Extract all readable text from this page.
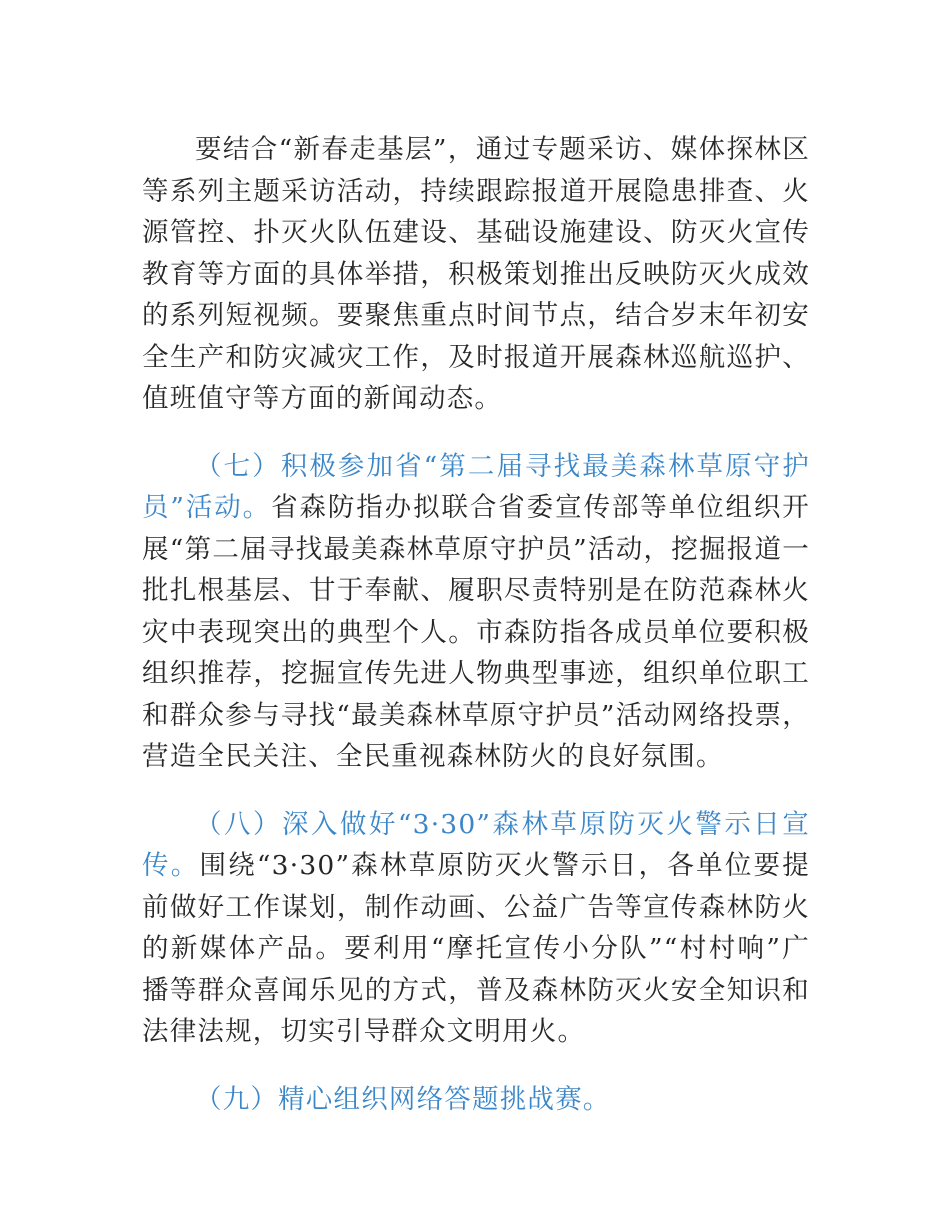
要结合“新春走基层”，通过专题采访、媒体探林区等系列主题采访活动，持续跟踪报道开展隐患排查、火源管控、扑灭火队伍建设、基础设施建设、防灭火宣传教育等方面的具体举措，积极策划推出反映防灭火成效的系列短视频。要聚焦重点时间节点，结合岁末年初安全生产和防灾减灾工作，及时报道开展森林巡航巡护、值班值守等方面的新闻动态。

（七）积极参加省“第二届寻找最美森林草原守护员”活动。省森防指办拟联合省委宣传部等单位组织开展“第二届寻找最美森林草原守护员”活动，挖掘报道一批扎根基层、甘于奉献、履职尽责特别是在防范森林火灾中表现突出的典型个人。市森防指各成员单位要积极组织推荐，挖掘宣传先进人物典型事迹，组织单位职工和群众参与寻找“最美森林草原守护员”活动网络投票，营造全民关注、全民重视森林防火的良好氛围。

（八）深入做好“3·30”森林草原防灭火警示日宣传。围绕“3·30”森林草原防灭火警示日，各单位要提前做好工作谋划，制作动画、公益广告等宣传森林防火的新媒体产品。要利用“摩托宣传小分队”“村村响”广播等群众喜闻乐见的方式，普及森林防灭火安全知识和法律法规，切实引导群众文明用火。

（九）精心组织网络答题挑战赛。
